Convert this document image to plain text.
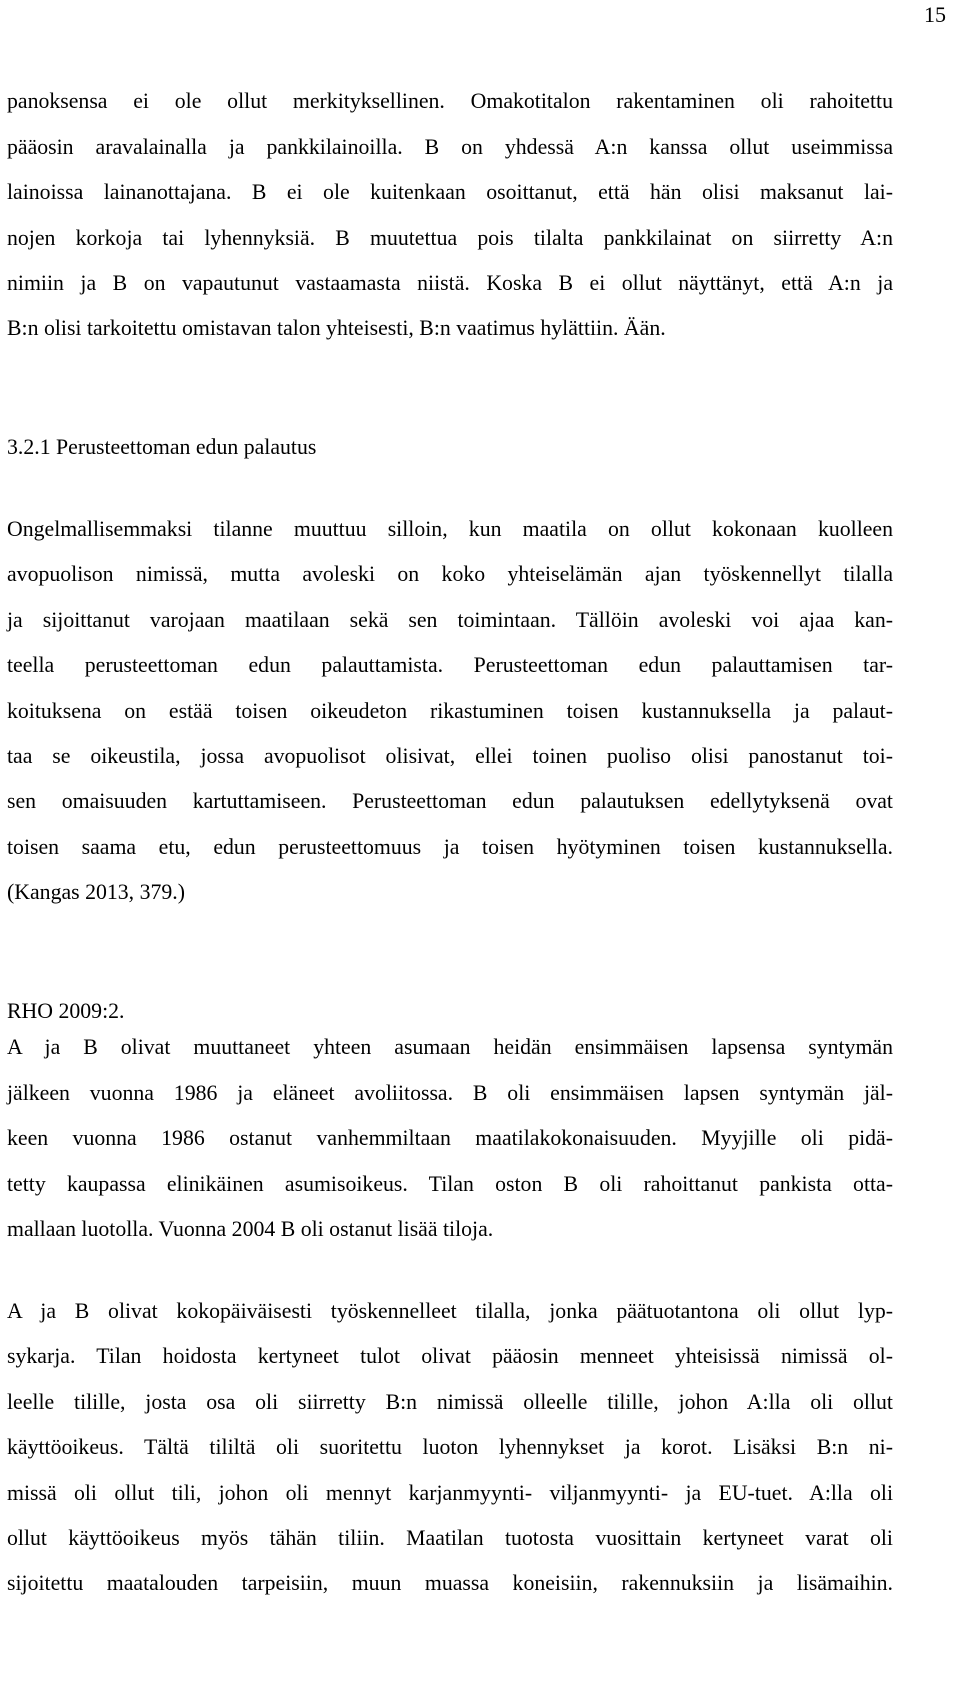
15
panoksensa ei ole ollut merkityksellinen. Omakotitalon rakentaminen oli rahoitettu
pääosin aravalainalla ja pankkilainoilla. B on yhdessä A:n kanssa ollut useimmissa
lainoissa lainanottajana. B ei ole kuitenkaan osoittanut, että hän olisi maksanut lai-
nojen korkoja tai lyhennyksiä. B muutettua pois tilalta pankkilainat on siirretty A:n
nimiin ja B on vapautunut vastaamasta niistä. Koska B ei ollut näyttänyt, että A:n ja
B:n olisi tarkoitettu omistavan talon yhteisesti, B:n vaatimus hylättiin. Ään.
3.2.1 Perusteettoman edun palautus
Ongelmallisemmaksi tilanne muuttuu silloin, kun maatila on ollut kokonaan kuolleen
avopuolison nimissä, mutta avoleski on koko yhteiselämän ajan työskennellyt tilalla
ja sijoittanut varojaan maatilaan sekä sen toimintaan. Tällöin avoleski voi ajaa kan-
teella perusteettoman edun palauttamista. Perusteettoman edun palauttamisen tar-
koituksena on estää toisen oikeudeton rikastuminen toisen kustannuksella ja palaut-
taa se oikeustila, jossa avopuolisot olisivat, ellei toinen puoliso olisi panostanut toi-
sen omaisuuden kartuttamiseen. Perusteettoman edun palautuksen edellytyksenä ovat
toisen saama etu, edun perusteettomuus ja toisen hyötyminen toisen kustannuksella.
(Kangas 2013, 379.)
RHO 2009:2.
A ja B olivat muuttaneet yhteen asumaan heidän ensimmäisen lapsensa syntymän
jälkeen vuonna 1986 ja eläneet avoliitossa. B oli ensimmäisen lapsen syntymän jäl-
keen vuonna 1986 ostanut vanhemmiltaan maatilakokonaisuuden. Myyjille oli pidä-
tetty kaupassa elinikäinen asumisoikeus. Tilan oston B oli rahoittanut pankista otta-
mallaan luotolla. Vuonna 2004 B oli ostanut lisää tiloja.
A ja B olivat kokopäiväisesti työskennelleet tilalla, jonka päätuotantona oli ollut lyp-
sykarja. Tilan hoidosta kertyneet tulot olivat pääosin menneet yhteisissä nimissä ol-
leelle tilille, josta osa oli siirretty B:n nimissä olleelle tilille, johon A:lla oli ollut
käyttöoikeus. Tältä tililtä oli suoritettu luoton lyhennykset ja korot. Lisäksi B:n ni-
missä oli ollut tili, johon oli mennyt karjanmyynti- viljanmyynti- ja EU-tuet. A:lla oli
ollut käyttöoikeus myös tähän tiliin. Maatilan tuotosta vuosittain kertyneet varat oli
sijoitettu maatalouden tarpeisiin, muun muassa koneisiin, rakennuksiin ja lisämaihin.
